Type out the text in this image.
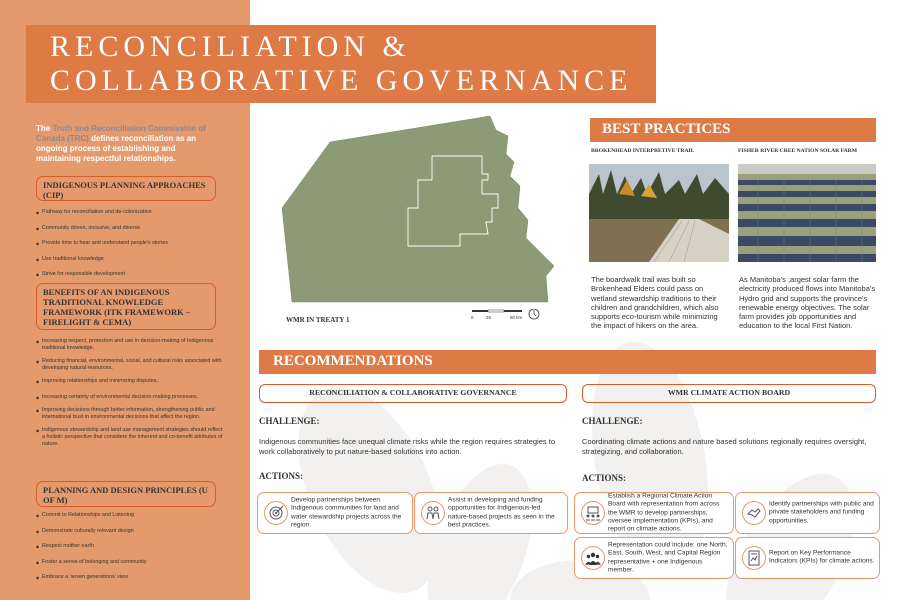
RECONCILIATION &
COLLABORATIVE GOVERNANCE
The Truth and Reconciliation Commission of Canada (TRC) defines reconciliation as an ongoing process of establishing and maintaining respectful relationships.
INDIGENOUS PLANNING APPROACHES (CIP)
◆ Pathway for reconciliation and de-colonization
◆ Community driven, inclusive, and diverse
◆ Provide time to hear and understand people's stories
◆ Use traditional knowledge
◆ Strive for responsible development
BENEFITS OF AN INDIGENOUS TRADITIONAL KNOWLEDGE FRAMEWORK (ITK FRAMEWORK – FIRELIGHT & CEMA)
◆ Increasing respect, protection and use in decision-making of Indigenous traditional knowledge,
◆ Reducing financial, environmental, social, and cultural risks associated with developing natural resources,
◆ Improving relationships and minimizing disputes,
◆ Increasing certainty of environmental decision-making processes,
◆ Improving decisions through better information, strengthening public and international trust in environmental decisions that affect the region.
◆ Indigenous stewardship and land use management strategies should reflect a holistic perspective that considers the inherent and co-benefit attributes of nature.
PLANNING AND DESIGN PRINCIPLES (U OF M)
◆ Commit to Relationships and Listening
◆ Demonstrate culturally relevant design
◆ Respect mother earth
◆ Foster a sense of belonging and community
◆ Embrace a 'seven generations' view
WMR IN TREATY 1	0	25	50 km
BEST PRACTICES
BROKENHEAD INTERPRETIVE TRAIL	FISHER RIVER CREE NATION SOLAR FARM
The boardwalk trail was built so Brokenhead Elders could pass on wetland stewardship traditions to their children and grandchildren, which also supports eco-tourism while minimizing the impact of hikers on the area.
As Manitoba's ;argest solar farm the electricity produced flows into Manitoba's Hydro grid and supports the province's renewable energy objectives. The solar farm provides job opportunities and education to the local First Nation.
RECOMMENDATIONS
RECONCILIATION & COLLABORATIVE GOVERNANCE	WMR CLIMATE ACTION BOARD
CHALLENGE:	CHALLENGE:
Indigenous communities face unequal climate risks while the region requires strategies to work collaboratively to put nature-based solutions into action.
Coordinating climate actions and nature based solutions regionally requires oversight, strategizing, and collaboration.
ACTIONS:	ACTIONS:
Develop partnerships between Indigenous communities for land and water stewardship projects across the region.
Assist in developing and funding opportunities for Indigenous-led nature-based projects as seen in the best practices.
Establish a Regional Climate Action Board with representation from across the WMR to develop partnerships, oversee implementation (KPIs), and report on climate actions.
Identify partnerships with public and private stakeholders and funding opportunities.
Representation could include: one North, East, South, West, and Capital Region representative + one Indigenous member.
Report on Key Performance Indicators (KPIs) for climate actions.
